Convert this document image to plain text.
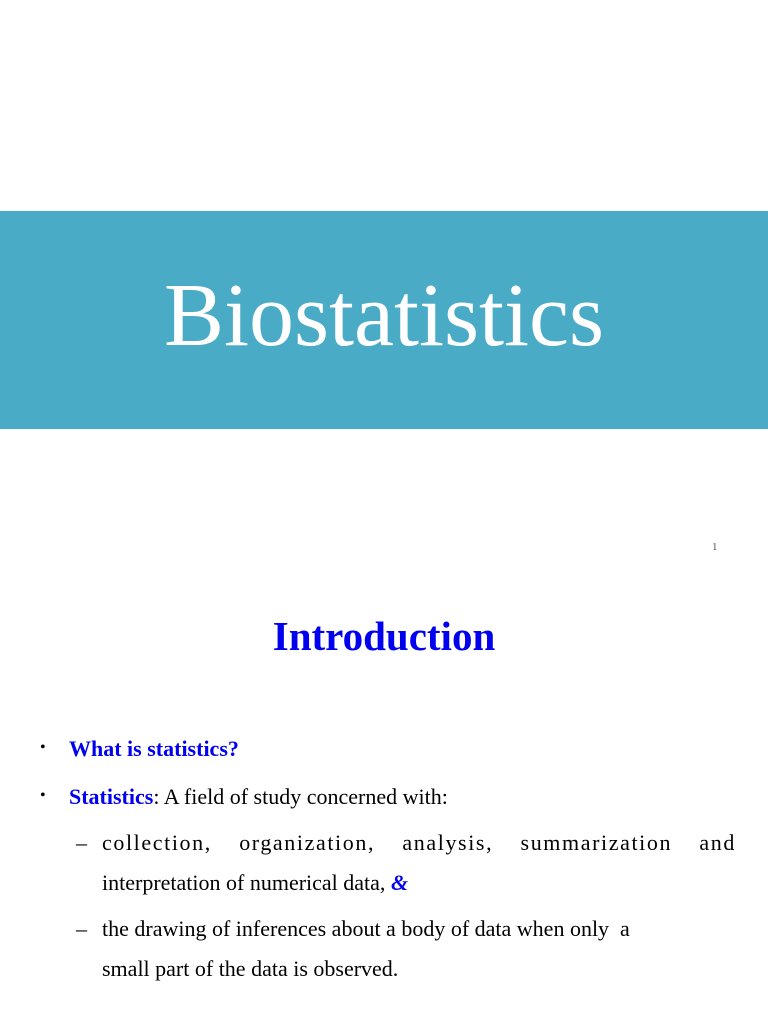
Biostatistics
1
Introduction
• What is statistics?
• Statistics: A field of study concerned with:
– collection, organization, analysis, summarization and
interpretation of numerical data, &
– the drawing of inferences about a body of data when only  a
small part of the data is observed.
